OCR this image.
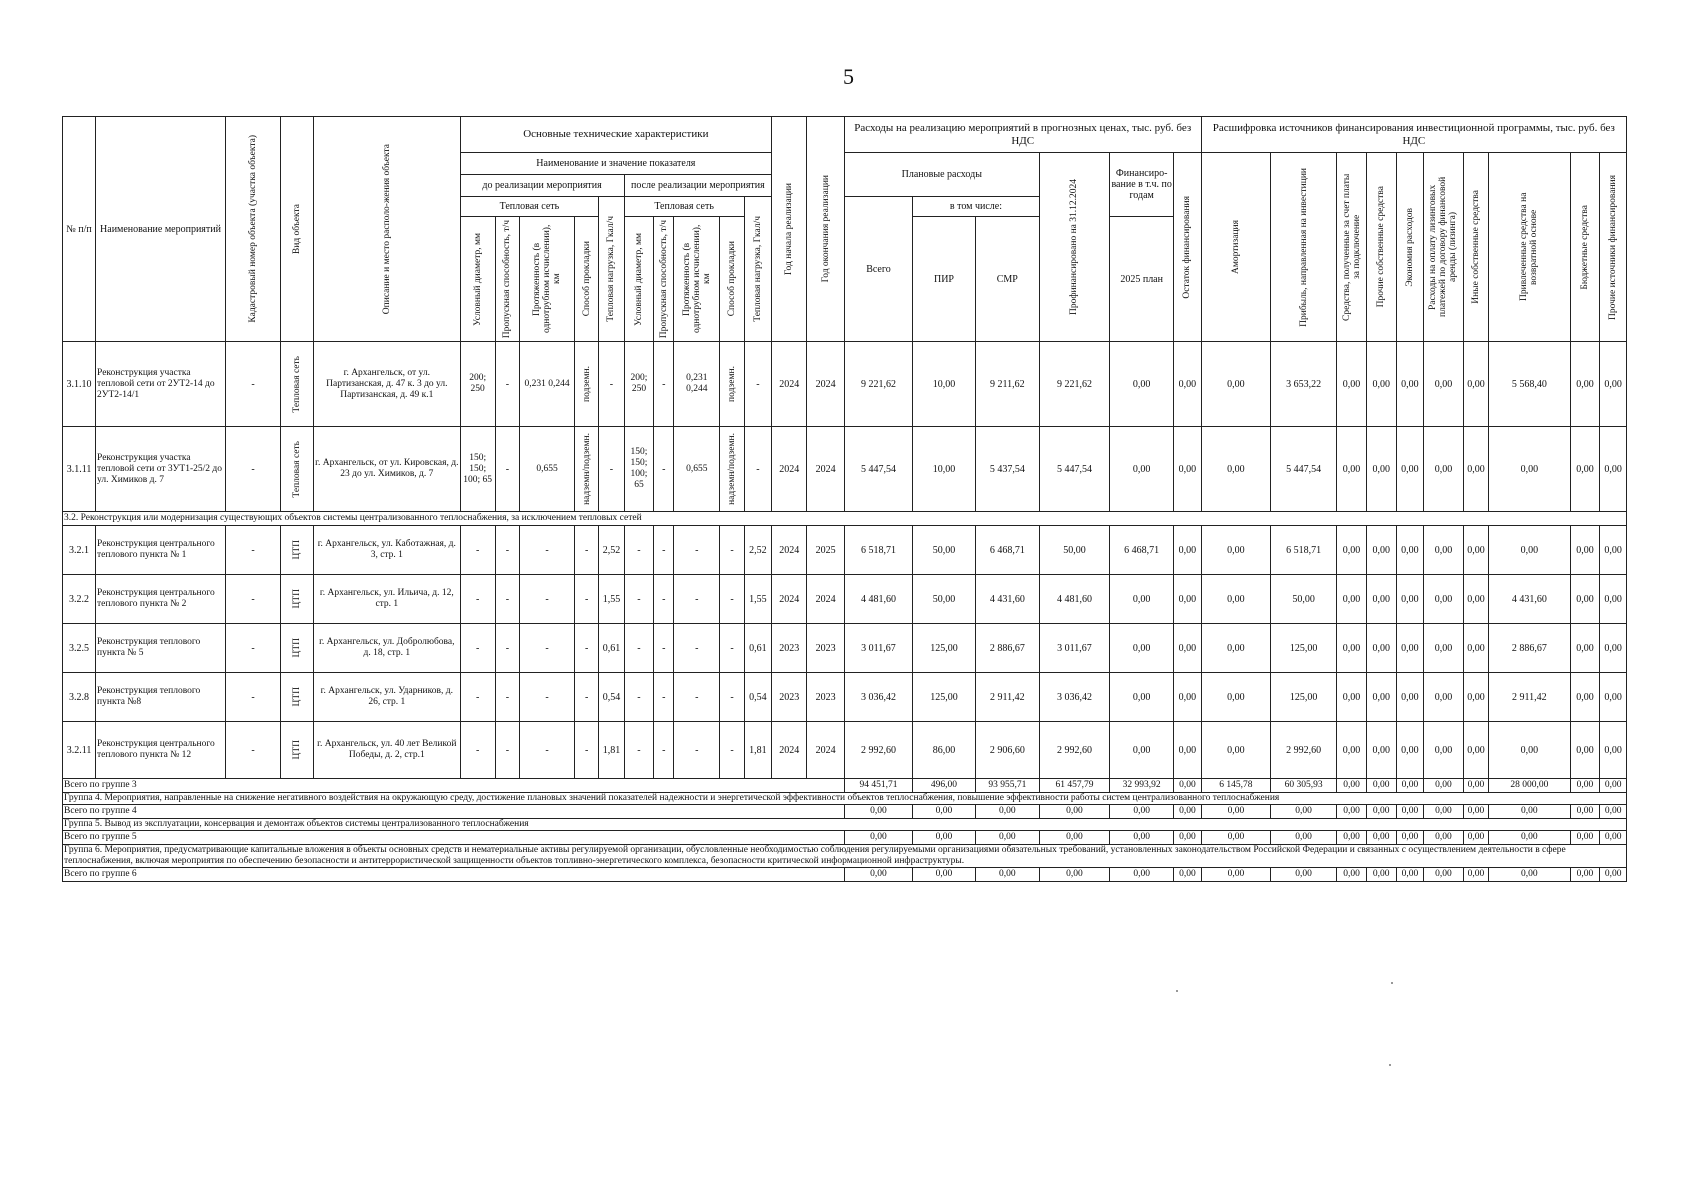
5
№ п/п	Наименование мероприятий	Кадастровый номер объекта (участка объекта)	Вид объекта	Описание и место располо-жения объекта	Основные технические характеристики										Год начала реализации	Год окончания реализации	Расходы на реализацию мероприятий в прогнозных ценах, тыс. руб. без НДС						Расшифровка источников финансирования инвестиционной программы, тыс. руб. без НДС									
					Наименование и значение показателя												Плановые расходы			Профинансировано на 31.12.2024	Финансиро-вание в т.ч. по годам	Остаток финансирования	Амортизация	Прибыль, направленная на инвестиции	Средства, полученные за счет платы за подключение	Прочие собственные средства	Экономия расходов	Расходы на оплату лизинговых платежей по договору финансовой аренды (лизинга)	Иные собственные средства	Привлеченные средства на возвратной основе	Бюджетные средства	Прочие источники финансирования

					до реализации мероприятия					после реализации мероприятия																						
					Тепловая сеть				Тепловая нагрузка, Гкал/ч	Тепловая сеть				Тепловая нагрузка, Гкал/ч			Всего	в том числе:														

					Условный диаметр, мм	Пропускная способность, т/ч	Протяженность (в однотрубном исчислении), км	Способ прокладки		Условный диаметр, мм	Пропускная способность, т/ч	Протяженность (в однотрубном исчислении), км	Способ прокладки					ПИР	СМР		2025 план											
3.1.10	Реконструкция участка тепловой сети от 2УТ2-14 до 2УТ2-14/1	-	Тепловая сеть	г. Архангельск, от ул. Партизанская, д. 47 к. 3 до ул. Партизанская, д. 49 к.1	200; 250	-	0,231 0,244	подземн.	-	200; 250	-	0,231 0,244	подземн.	-	2024	2024	9 221,62	10,00	9 211,62	9 221,62	0,00	0,00	0,00	3 653,22	0,00	0,00	0,00	0,00	0,00	5 568,40	0,00	0,00
3.1.11	Реконструкция участка тепловой сети от 3УТ1-25/2 до ул. Химиков д. 7	-	Тепловая сеть	г. Архангельск, от ул. Кировская, д. 23 до ул. Химиков, д. 7	150; 150; 100; 65	-	0,655	надземн/подземн.	-	150; 150; 100; 65	-	0,655	надземн/подземн.	-	2024	2024	5 447,54	10,00	5 437,54	5 447,54	0,00	0,00	0,00	5 447,54	0,00	0,00	0,00	0,00	0,00	0,00	0,00	0,00
3.2. Реконструкция или модернизация существующих объектов системы централизованного теплоснабжения, за исключением тепловых сетей																																
3.2.1	Реконструкция центрального теплового пункта № 1	-	ЦТП	г. Архангельск, ул. Каботажная, д. 3, стр. 1	-	-	-	-	2,52	-	-	-	-	2,52	2024	2025	6 518,71	50,00	6 468,71	50,00	6 468,71	0,00	0,00	6 518,71	0,00	0,00	0,00	0,00	0,00	0,00	0,00	0,00
3.2.2	Реконструкция центрального теплового пункта № 2	-	ЦТП	г. Архангельск, ул. Ильича, д. 12, стр. 1	-	-	-	-	1,55	-	-	-	-	1,55	2024	2024	4 481,60	50,00	4 431,60	4 481,60	0,00	0,00	0,00	50,00	0,00	0,00	0,00	0,00	0,00	4 431,60	0,00	0,00
3.2.5	Реконструкция теплового пункта № 5	-	ЦТП	г. Архангельск, ул. Добролюбова, д. 18, стр. 1	-	-	-	-	0,61	-	-	-	-	0,61	2023	2023	3 011,67	125,00	2 886,67	3 011,67	0,00	0,00	0,00	125,00	0,00	0,00	0,00	0,00	0,00	2 886,67	0,00	0,00
3.2.8	Реконструкция теплового пункта №8	-	ЦТП	г. Архангельск, ул. Ударников, д. 26, стр. 1	-	-	-	-	0,54	-	-	-	-	0,54	2023	2023	3 036,42	125,00	2 911,42	3 036,42	0,00	0,00	0,00	125,00	0,00	0,00	0,00	0,00	0,00	2 911,42	0,00	0,00
3.2.11	Реконструкция центрального теплового пункта № 12	-	ЦТП	г. Архангельск, ул. 40 лет Великой Победы, д. 2, стр.1	-	-	-	-	1,81	-	-	-	-	1,81	2024	2024	2 992,60	86,00	2 906,60	2 992,60	0,00	0,00	0,00	2 992,60	0,00	0,00	0,00	0,00	0,00	0,00	0,00	0,00
Всего по группе 3																	94 451,71	496,00	93 955,71	61 457,79	32 993,92	0,00	6 145,78	60 305,93	0,00	0,00	0,00	0,00	0,00	28 000,00	0,00	0,00
Группа 4. Мероприятия, направленные на снижение негативного воздействия на окружающую среду, достижение плановых значений показателей надежности и энергетической эффективности объектов теплоснабжения, повышение эффективности работы систем централизованного теплоснабжения																																
Всего по группе 4																	0,00	0,00	0,00	0,00	0,00	0,00	0,00	0,00	0,00	0,00	0,00	0,00	0,00	0,00	0,00	0,00
Группа 5. Вывод из эксплуатации, консервация и демонтаж объектов системы централизованного теплоснабжения																																
Всего по группе 5																	0,00	0,00	0,00	0,00	0,00	0,00	0,00	0,00	0,00	0,00	0,00	0,00	0,00	0,00	0,00	0,00
Группа 6. Мероприятия, предусматривающие капитальные вложения в объекты основных средств и нематериальные активы регулируемой организации, обусловленные необходимостью соблюдения регулируемыми организациями обязательных требований, установленных законодательством Российской Федерации и связанных с осуществлением деятельности в сфере теплоснабжения, включая мероприятия по обеспечению безопасности и антитеррористической защищенности объектов топливно-энергетического комплекса, безопасности критической информационной инфраструктуры.																																
Всего по группе 6																	0,00	0,00	0,00	0,00	0,00	0,00	0,00	0,00	0,00	0,00	0,00	0,00	0,00	0,00	0,00	0,00
